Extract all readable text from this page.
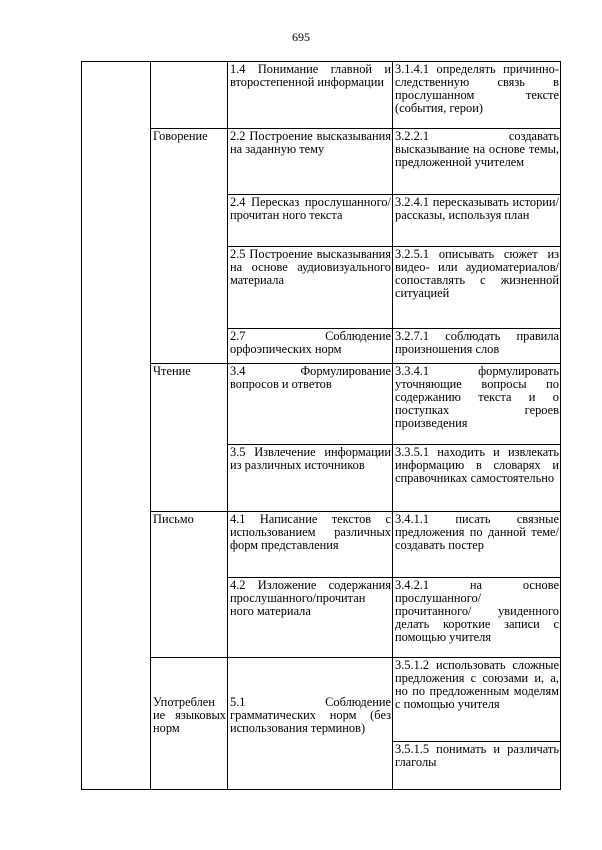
695
		1.4 Понимание главной и второстепенной информации	3.1.4.1 определять причинно-следственную связь в прослушанном тексте (события, герои)
	Говорение	2.2 Построение высказывания на заданную тему	3.2.2.1 создавать высказывание на основе темы, предложенной учителем
		2.4 Пересказ прослушанного/прочитан ного текста	3.2.4.1 пересказывать истории/рассказы, используя план
		2.5 Построение высказывания на основе аудиовизуального материала	3.2.5.1 описывать сюжет из видео- или аудиоматериалов/ сопоставлять с жизненной ситуацией
		2.7 Соблюдение орфоэпических норм	3.2.7.1 соблюдать правила произношения слов
	Чтение	3.4 Формулирование вопросов и ответов	3.3.4.1 формулировать уточняющие вопросы по содержанию текста и о поступках героев произведения
		3.5 Извлечение информации из различных источников	3.3.5.1 находить и извлекать информацию в словарях и справочниках самостоятельно
	Письмо	4.1 Написание текстов с использованием различных форм представления	3.4.1.1 писать связные предложения по данной теме/создавать постер
		4.2 Изложение содержания прослушанного/прочитан ного материала	3.4.2.1 на основе прослушанного/ прочитанного/ увиденного делать короткие записи с помощью учителя
	Употреблен ие языковых норм	5.1 Соблюдение грамматических норм (без использования терминов)	3.5.1.2 использовать сложные предложения с союзами и, а, но по предложенным моделям с помощью учителя
			3.5.1.5 понимать и различать глаголы
